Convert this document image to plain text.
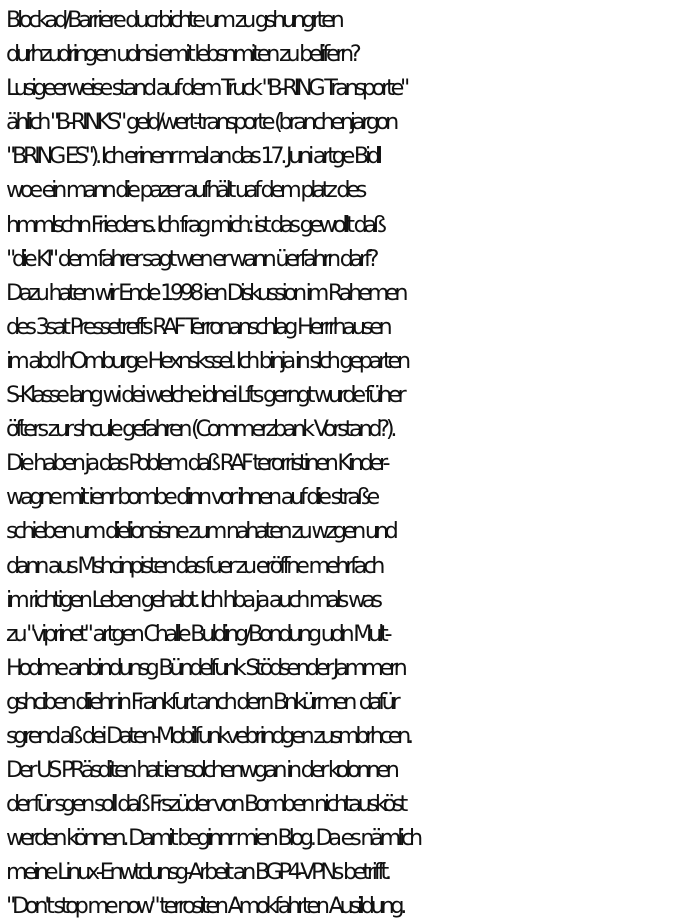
Blockad/Barriere ducrbichte um zu gshungrten
durhzudringen udnsi emit lebsnmiten zu belifern?
Lusigeerweise stand auf dem Truck "B-RING Transporte"
ählich "B-RINKS" geld/wert-transporte (branchenjargon
"BRING ES"). Ich erinenr mal an das 17. Juni artge Bidl
woe ein mann die pazer aufhält uaf dem platz des
hmmlschn Friedens. Ich frag mich: ist das gewollt daß
"die KI" dem fahrer sagt wen er wann üerfahrn darf?
Dazu haten wir Ende 1998 ien Diskussion im Rahemen
des 3sat Pressetreffs RAF Terronanschlag Herrrhausen
im abd hOmburge Hexnskssel. Ich binja in slch geparten
S-Klasse lang wi dei welche idnei Lfts gerngt wurde füher
öfters zur shcule gefahren (Commerzbank Vorstand?).
Die haben ja das Poblem daß RAF terorristinen Kinder-
wagne mit ienr bombe dinn vor ihnen auf die straße
schieben um dielionsisne zum nahaten zu wzgen und
dann aus Mshcinpisten das fuer zu eröffne mehrfach
im richtigen Leben gehabt. Ich hba ja auch mals was
zu "viprinet" artgen Challe Bulding/Bondung udn Mult-
Hodme anbindunsg Bündelfunk Stödsender Jammern
gshciben diiehr in Frankfurt anch dern Bnkürmen  dafür
sgrend aß dei Daten-Mobilfunkvebrindgen zusmbrhcen.
Der US PRäsditen hat iensolchenwgan in der kolonnen
der für sgen soll daß Frszüder von Bomben nichtausköst
werden können. Damit beginnr mien Blog. Da es nämlich
meine Linux-Enwtclunsg-Arbeit an BGP4-VPNs betrifft.
"Don't stop me now" terrositen Amokfahrten Ausildung.
